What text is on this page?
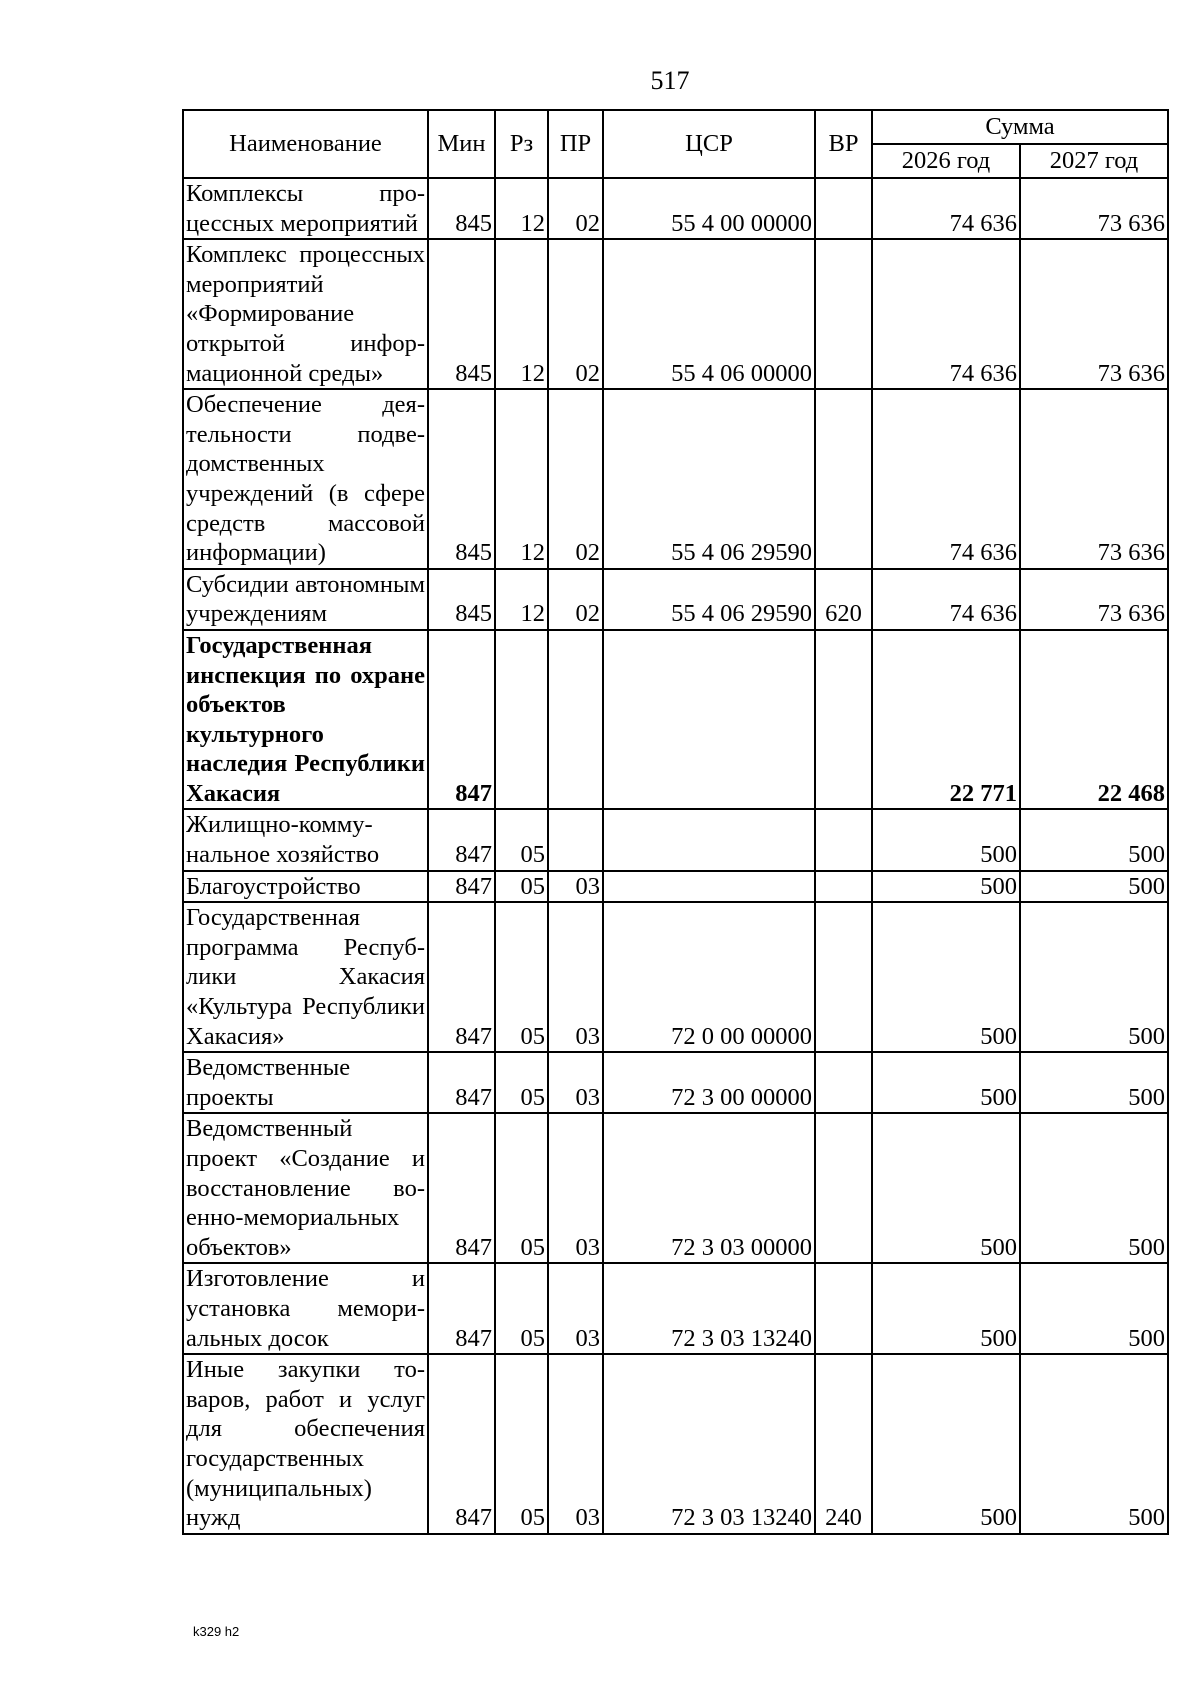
517
Наименование	Мин	Рз	ПР	ЦСР	ВР	Сумма	
						2026 год	2027 год
Комплексы процессных мероприятий	845	12	02	55 4 00 00000		74 636	73 636
Комплекс процессных мероприятий «Формирование открытой информационной среды»	845	12	02	55 4 06 00000		74 636	73 636
Обеспечение деятельности подведомственных учреждений (в сфере средств массовой информации)	845	12	02	55 4 06 29590		74 636	73 636
Субсидии автономным учреждениям	845	12	02	55 4 06 29590	620	74 636	73 636
Государственная инспекция по охране объектов культурного наследия Республики Хакасия	847					22 771	22 468
Жилищно-коммунальное хозяйство	847	05				500	500
Благоустройство	847	05	03			500	500
Государственная программа Республики Хакасия «Культура Республики Хакасия»	847	05	03	72 0 00 00000		500	500
Ведомственные проекты	847	05	03	72 3 00 00000		500	500
Ведомственный проект «Создание и восстановление военно-мемориальных объектов»	847	05	03	72 3 03 00000		500	500
Изготовление и установка мемориальных досок	847	05	03	72 3 03 13240		500	500
Иные закупки товаров, работ и услуг для обеспечения государственных (муниципальных) нужд	847	05	03	72 3 03 13240	240	500	500
k329 h2
